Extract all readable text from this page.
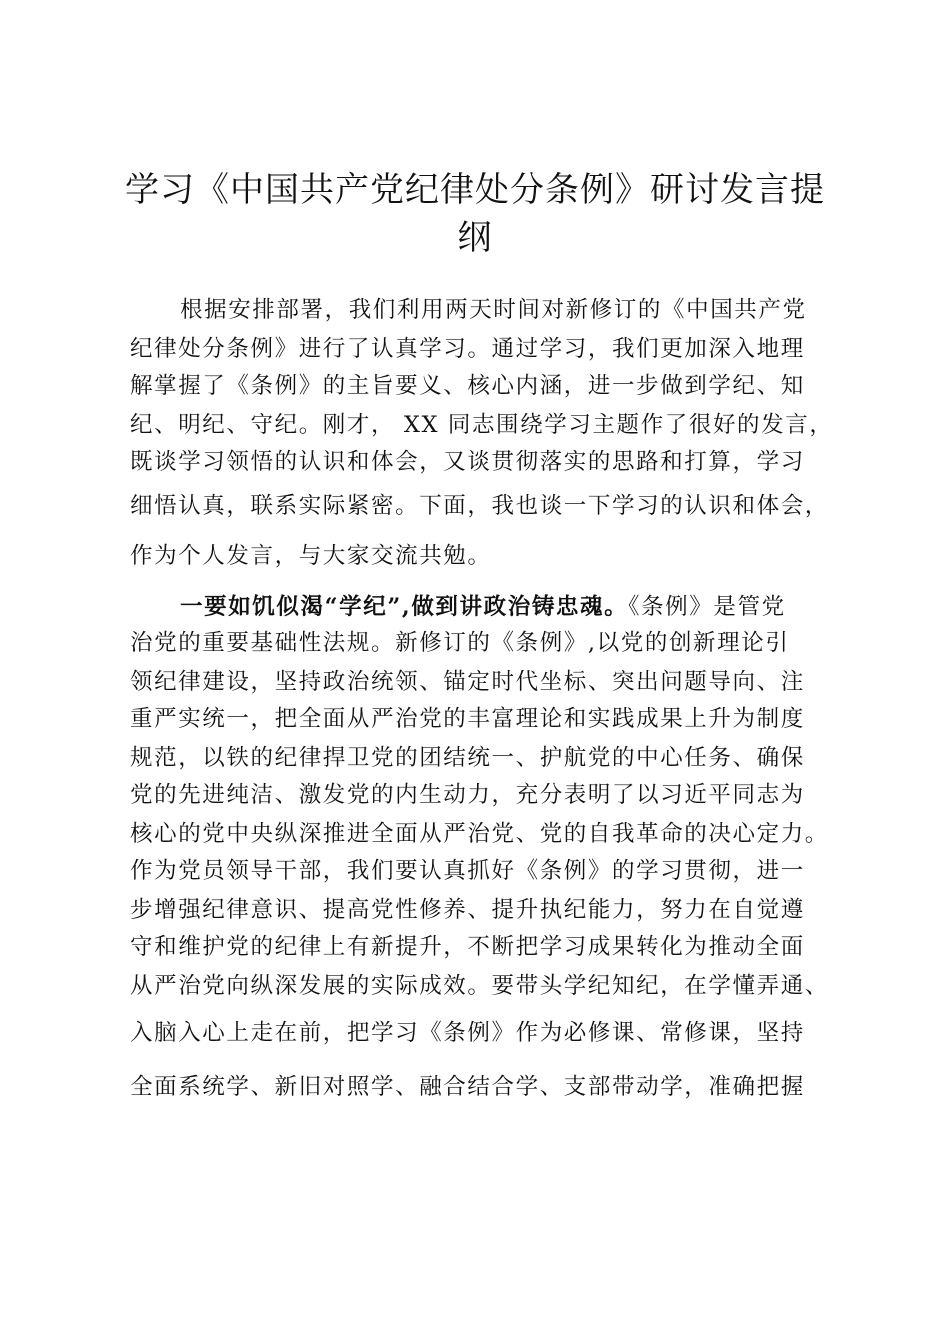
学习《中国共产党纪律处分条例》研讨发言提
纲
根据安排部署，我们利用两天时间对新修订的《中国共产党
纪律处分条例》进行了认真学习。通过学习，我们更加深入地理
解掌握了《条例》的主旨要义、核心内涵，进一步做到学纪、知
纪、明纪、守纪。刚才， XX 同志围绕学习主题作了很好的发言，
既谈学习领悟的认识和体会，又谈贯彻落实的思路和打算，学习
细悟认真，联系实际紧密。下面，我也谈一下学习的认识和体会，
作为个人发言，与大家交流共勉。
一要如饥似渴“学纪”,做到讲政治铸忠魂。《条例》是管党
治党的重要基础性法规。新修订的《条例》,以党的创新理论引
领纪律建设，坚持政治统领、锚定时代坐标、突出问题导向、注
重严实统一，把全面从严治党的丰富理论和实践成果上升为制度
规范，以铁的纪律捍卫党的团结统一、护航党的中心任务、确保
党的先进纯洁、激发党的内生动力，充分表明了以习近平同志为
核心的党中央纵深推进全面从严治党、党的自我革命的决心定力。
作为党员领导干部，我们要认真抓好《条例》的学习贯彻，进一
步增强纪律意识、提高党性修养、提升执纪能力，努力在自觉遵
守和维护党的纪律上有新提升，不断把学习成果转化为推动全面
从严治党向纵深发展的实际成效。要带头学纪知纪，在学懂弄通、
入脑入心上走在前，把学习《条例》作为必修课、常修课，坚持
全面系统学、新旧对照学、融合结合学、支部带动学，准确把握
